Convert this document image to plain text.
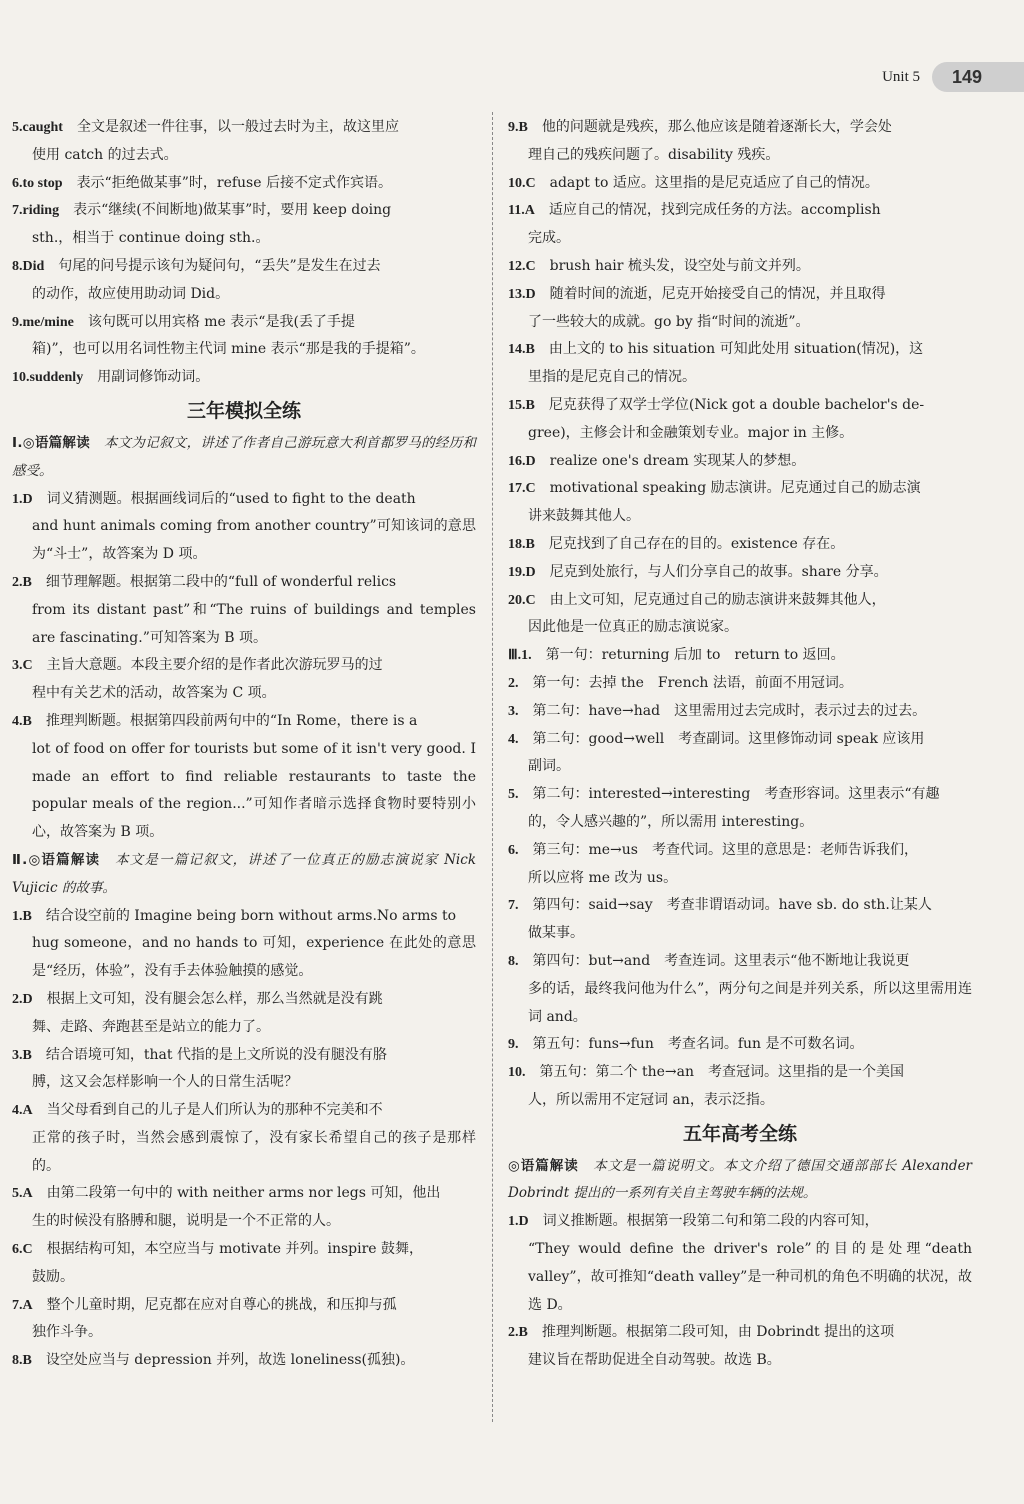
Unit 5	149
5.caught　 全文是叙述一件往事，以一般过去时为主，故这里应
使用 catch 的过去式。
6.to stop　 表示“拒绝做某事”时，refuse 后接不定式作宾语。
7.riding　 表示“继续(不间断地)做某事”时，要用 keep doing
sth.，相当于 continue doing sth.。
8.Did　 句尾的问号提示该句为疑问句，“丢失”是发生在过去
的动作，故应使用助动词 Did。
9.me/mine　 该句既可以用宾格 me 表示“是我(丢了手提
箱)”，也可以用名词性物主代词 mine 表示“那是我的手提箱”。
10.suddenly　 用副词修饰动词。
三年模拟全练
Ⅰ.◎语篇解读　 本文为记叙文，讲述了作者自己游玩意大利首都罗马的经历和感受。
1.D　 词义猜测题。根据画线词后的“used to fight to the death
and hunt animals coming from another country”可知该词的意思为“斗士”，故答案为 D 项。
2.B　 细节理解题。根据第二段中的“full of wonderful relics
from its distant past”和“The ruins of buildings and temples are fascinating.”可知答案为 B 项。
3.C　 主旨大意题。本段主要介绍的是作者此次游玩罗马的过
程中有关艺术的活动，故答案为 C 项。
4.B　 推理判断题。根据第四段前两句中的“In Rome，there is a
lot of food on offer for tourists but some of it isn't very good. I made an effort to find reliable restaurants to taste the popular meals of the region...”可知作者暗示选择食物时要特别小心，故答案为 B 项。
Ⅱ.◎语篇解读　 本文是一篇记叙文，讲述了一位真正的励志演说家 Nick Vujicic 的故事。
1.B　 结合设空前的 Imagine being born without arms.No arms to
hug someone，and no hands to 可知，experience 在此处的意思是“经历，体验”，没有手去体验触摸的感觉。
2.D　 根据上文可知，没有腿会怎么样，那么当然就是没有跳
舞、走路、奔跑甚至是站立的能力了。
3.B　 结合语境可知，that 代指的是上文所说的没有腿没有胳
膊，这又会怎样影响一个人的日常生活呢？
4.A　 当父母看到自己的儿子是人们所认为的那种不完美和不
正常的孩子时，当然会感到震惊了，没有家长希望自己的孩子是那样的。
5.A　 由第二段第一句中的 with neither arms nor legs 可知，他出
生的时候没有胳膊和腿，说明是一个不正常的人。
6.C　 根据结构可知，本空应当与 motivate 并列。inspire 鼓舞，
鼓励。
7.A　 整个儿童时期，尼克都在应对自尊心的挑战，和压抑与孤
独作斗争。
8.B　 设空处应当与 depression 并列，故选 loneliness(孤独)。
9.B　 他的问题就是残疾，那么他应该是随着逐渐长大，学会处
理自己的残疾问题了。disability 残疾。
10.C　 adapt to 适应。这里指的是尼克适应了自己的情况。
11.A　 适应自己的情况，找到完成任务的方法。accomplish
完成。
12.C　 brush hair 梳头发，设空处与前文并列。
13.D　 随着时间的流逝，尼克开始接受自己的情况，并且取得
了一些较大的成就。go by 指“时间的流逝”。
14.B　 由上文的 to his situation 可知此处用 situation(情况)，这
里指的是尼克自己的情况。
15.B　 尼克获得了双学士学位(Nick got a double bachelor's de-
gree)，主修会计和金融策划专业。major in 主修。
16.D　 realize one's dream 实现某人的梦想。
17.C　 motivational speaking 励志演讲。尼克通过自己的励志演
讲来鼓舞其他人。
18.B　 尼克找到了自己存在的目的。existence 存在。
19.D　 尼克到处旅行，与人们分享自己的故事。share 分享。
20.C　 由上文可知，尼克通过自己的励志演讲来鼓舞其他人，
因此他是一位真正的励志演说家。
Ⅲ.1.　 第一句：returning 后加 to　return to 返回。
2.　 第一句：去掉 the　French 法语，前面不用冠词。
3.　 第二句：have→had　这里需用过去完成时，表示过去的过去。
4.　 第二句：good→well　考查副词。这里修饰动词 speak 应该用
副词。
5.　 第二句：interested→interesting　考查形容词。这里表示“有趣
的，令人感兴趣的”，所以需用 interesting。
6.　 第三句：me→us　考查代词。这里的意思是：老师告诉我们，
所以应将 me 改为 us。
7.　 第四句：said→say　考查非谓语动词。have sb. do sth.让某人
做某事。
8.　 第四句：but→and　考查连词。这里表示“他不断地让我说更
多的话，最终我问他为什么”，两分句之间是并列关系，所以这里需用连词 and。
9.　 第五句：funs→fun　考查名词。fun 是不可数名词。
10.　 第五句：第二个 the→an　考查冠词。这里指的是一个美国
人，所以需用不定冠词 an，表示泛指。
五年高考全练
◎语篇解读　 本文是一篇说明文。本文介绍了德国交通部部长 Alexander Dobrindt 提出的一系列有关自主驾驶车辆的法规。
1.D　 词义推断题。根据第一段第二句和第二段的内容可知，
“They would define the driver's role”的目的是处理“death valley”，故可推知“death valley”是一种司机的角色不明确的状况，故选 D。
2.B　 推理判断题。根据第二段可知，由 Dobrindt 提出的这项
建议旨在帮助促进全自动驾驶。故选 B。
